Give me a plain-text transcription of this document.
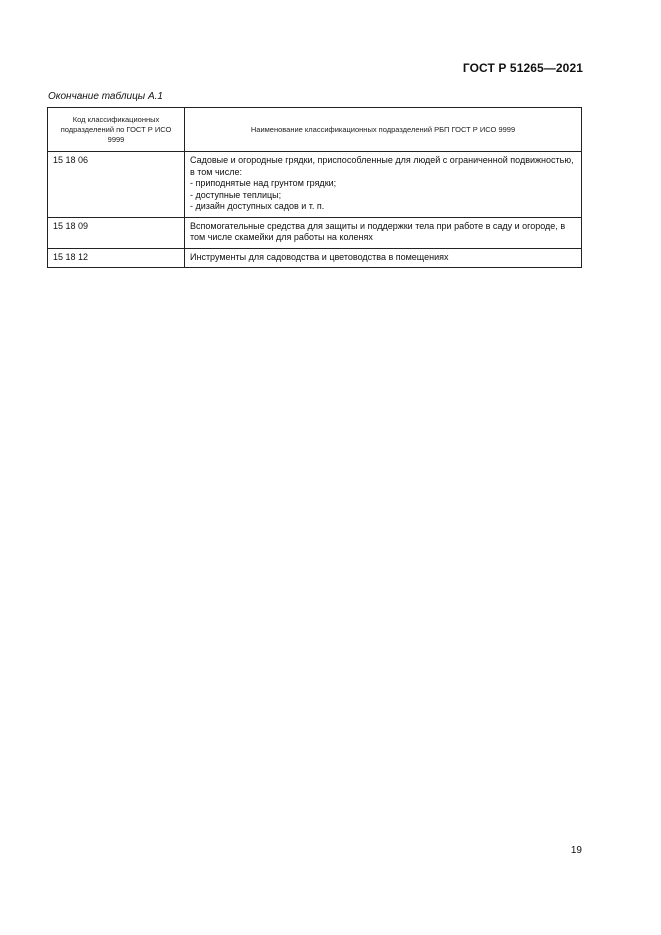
ГОСТ Р 51265—2021
Окончание таблицы А.1
Код классификационных подразделений по ГОСТ Р ИСО 9999	Наименование классификационных подразделений РБП ГОСТ Р ИСО 9999
15 18 06	Садовые и огородные грядки, приспособленные для людей с ограниченной подвижностью, в том числе:
- приподнятые над грунтом грядки;
- доступные теплицы;
- дизайн доступных садов и т. п.

15 18 09	Вспомогательные средства для защиты и поддержки тела при работе в саду и огороде, в том числе скамейки для работы на коленях
15 18 12	Инструменты для садоводства и цветоводства в помещениях
19
